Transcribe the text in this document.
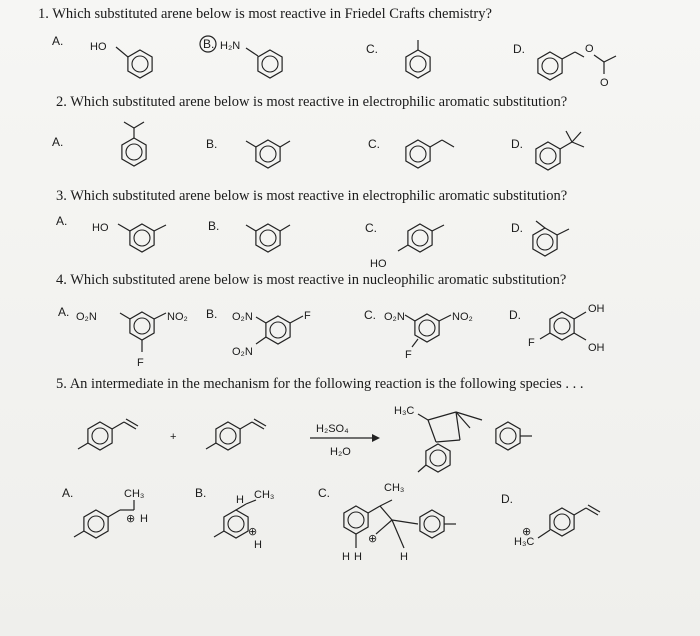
1. Which substituted arene below is most reactive in Friedel Crafts chemistry?
A.	B.	C.	D.
2. Which substituted arene below is most reactive in electrophilic aromatic substitution?
A.	B.	C.	D.
3. Which substituted arene below is most reactive in electrophilic aromatic substitution?
A.	B.	C.	D.
4. Which substituted arene below is most reactive in nucleophilic aromatic substitution?
A.	B.	C.	D.
5. An intermediate in the mechanism for the following reaction is the following species . . .
A.	B.	C.	D.
HO	H₂N	O
O
HO
HO
O₂N	NO₂
F
O₂N	F
O₂N
O₂N	NO₂
F
OH
OH
F
+
H₂SO₄
H₂O
H₃C
CH₃
⊕ H
CH₃
H
⊕
H
CH₃
⊕
H H	H
⊕
H₃C
